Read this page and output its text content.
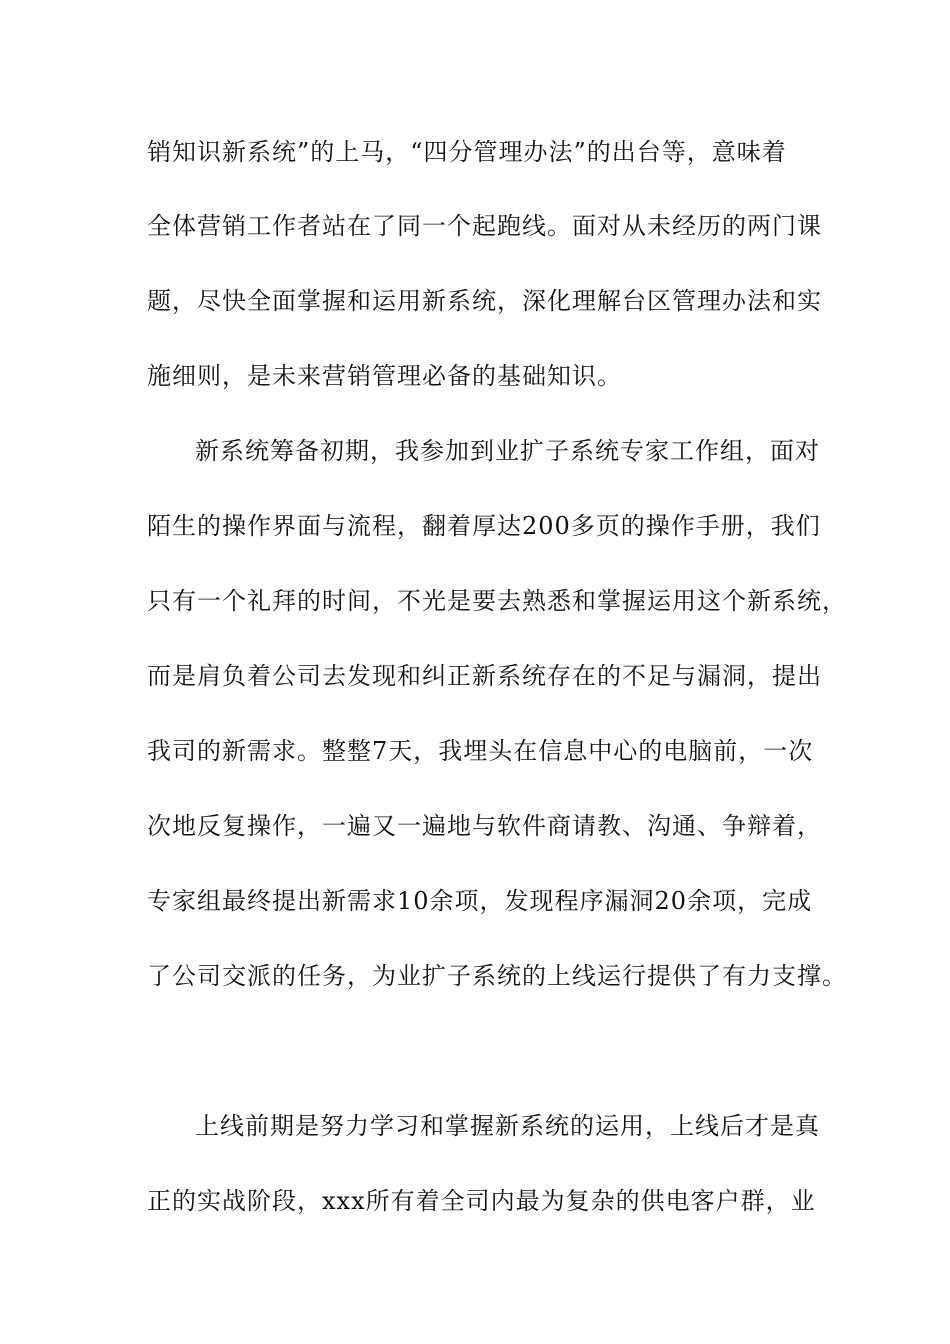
销知识新系统”的上马，“四分管理办法”的出台等，意味着
全体营销工作者站在了同一个起跑线。面对从未经历的两门课
题，尽快全面掌握和运用新系统，深化理解台区管理办法和实
施细则，是未来营销管理必备的基础知识。
新系统筹备初期，我参加到业扩子系统专家工作组，面对
陌生的操作界面与流程，翻着厚达200多页的操作手册，我们
只有一个礼拜的时间，不光是要去熟悉和掌握运用这个新系统，
而是肩负着公司去发现和纠正新系统存在的不足与漏洞，提出
我司的新需求。整整7天，我埋头在信息中心的电脑前，一次
次地反复操作，一遍又一遍地与软件商请教、沟通、争辩着，
专家组最终提出新需求10余项，发现程序漏洞20余项，完成
了公司交派的任务，为业扩子系统的上线运行提供了有力支撑。
上线前期是努力学习和掌握新系统的运用，上线后才是真
正的实战阶段，xxx所有着全司内最为复杂的供电客户群，业
